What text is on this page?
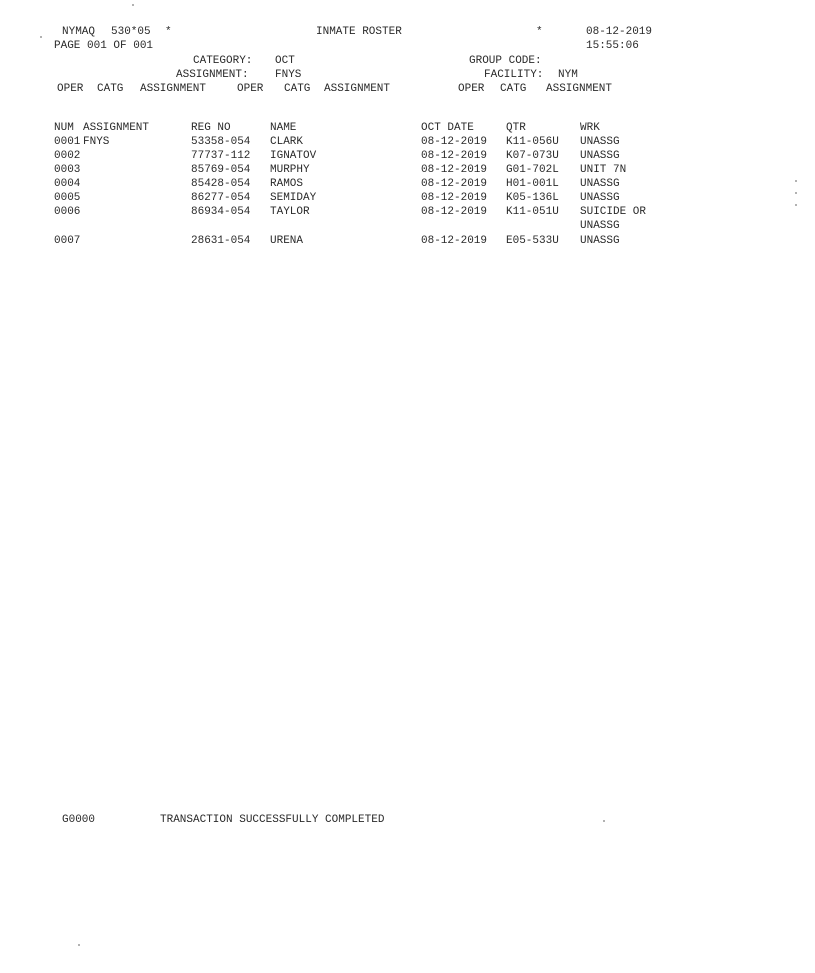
NYMAQ 530*05 *	INMATE ROSTER	*	08-12-2019
PAGE 001 OF 001	15:55:06
CATEGORY: OCT	GROUP CODE:
ASSIGNMENT: FNYS	FACILITY: NYM
OPER CATG ASSIGNMENT	OPER CATG ASSIGNMENT	OPER CATG ASSIGNMENT
NUM ASSIGNMENT	REG NO	NAME	OCT DATE	QTR	WRK
0001 FNYS	53358-054 CLARK	08-12-2019 K11-056U UNASSG
0002	77737-112 IGNATOV	08-12-2019 K07-073U UNASSG
0003	85769-054 MURPHY	08-12-2019 G01-702L UNIT 7N
0004	85428-054 RAMOS	08-12-2019 H01-001L UNASSG
0005	86277-054 SEMIDAY	08-12-2019 K05-136L UNASSG
0006	86934-054 TAYLOR	08-12-2019 K11-051U SUICIDE OR
UNASSG
0007	28631-054 URENA	08-12-2019 E05-533U UNASSG
G0000	TRANSACTION SUCCESSFULLY COMPLETED
